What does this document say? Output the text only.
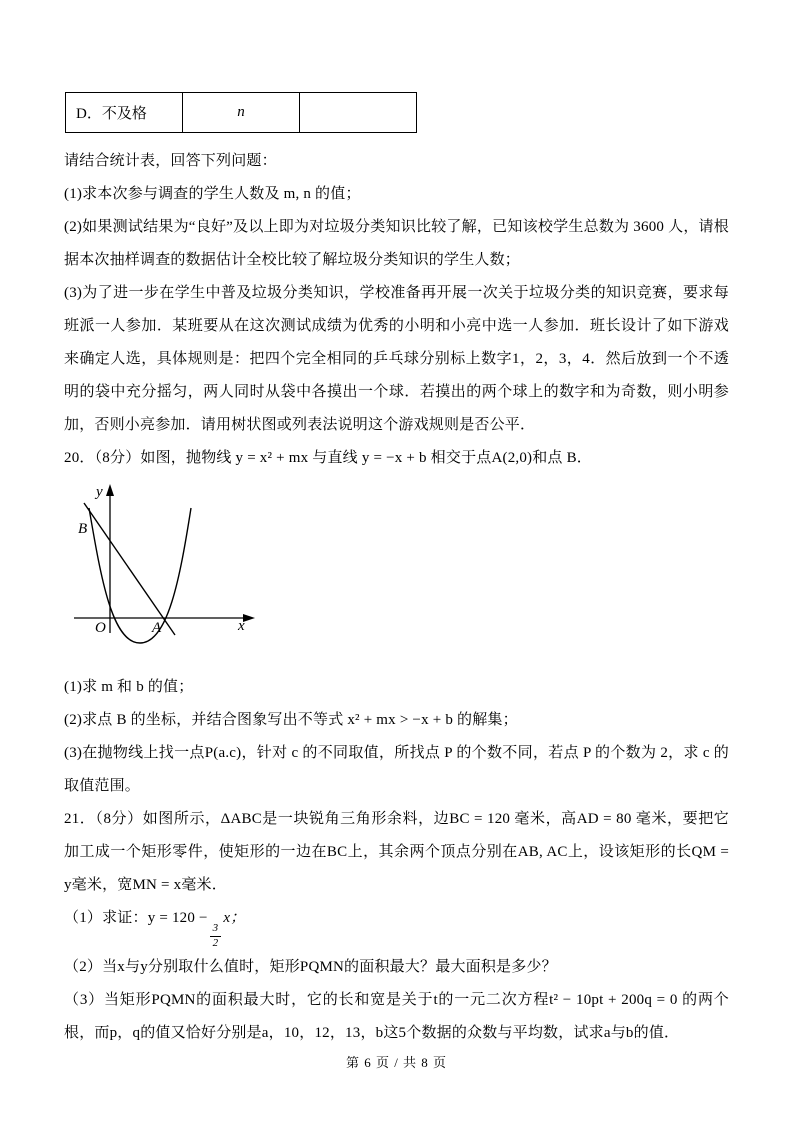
D．不及格	n	

请结合统计表，回答下列问题：

(1)求本次参与调查的学生人数及 m, n 的值；

(2)如果测试结果为“良好”及以上即为对垃圾分类知识比较了解，已知该校学生总数为 3600 人，请根据本次抽样调查的数据估计全校比较了解垃圾分类知识的学生人数；

(3)为了进一步在学生中普及垃圾分类知识，学校准备再开展一次关于垃圾分类的知识竞赛，要求每班派一人参加．某班要从在这次测试成绩为优秀的小明和小亮中选一人参加．班长设计了如下游戏来确定人选，具体规则是：把四个完全相同的乒乓球分别标上数字1，2，3，4．然后放到一个不透明的袋中充分摇匀，两人同时从袋中各摸出一个球．若摸出的两个球上的数字和为奇数，则小明参加，否则小亮参加．请用树状图或列表法说明这个游戏规则是否公平．

20．（8分）如图，抛物线 y = x² + mx 与直线 y = −x + b 相交于点A(2,0)和点 B．

y
x
B
O	A

(1)求 m 和 b 的值；

(2)求点 B 的坐标，并结合图象写出不等式 x² + mx > −x + b 的解集；

(3)在抛物线上找一点P(a.c)，针对 c 的不同取值，所找点 P 的个数不同，若点 P 的个数为 2，求 c 的取值范围。

21．（8分）如图所示，ΔABC是一块锐角三角形余料，边BC = 120 毫米，高AD = 80 毫米，要把它加工成一个矩形零件，使矩形的一边在BC上，其余两个顶点分别在AB, AC上，设该矩形的长QM = y毫米，宽MN = x毫米．

（1）求证：y = 120 −
$\frac{3}{2}$
x；

（2）当x与y分别取什么值时，矩形PQMN的面积最大？最大面积是多少？

（3）当矩形PQMN的面积最大时，它的长和宽是关于t的一元二次方程t² − 10pt + 200q = 0 的两个根，而p，q的值又恰好分别是a，10，12，13，b这5个数据的众数与平均数，试求a与b的值．

第 6 页 / 共 8 页
